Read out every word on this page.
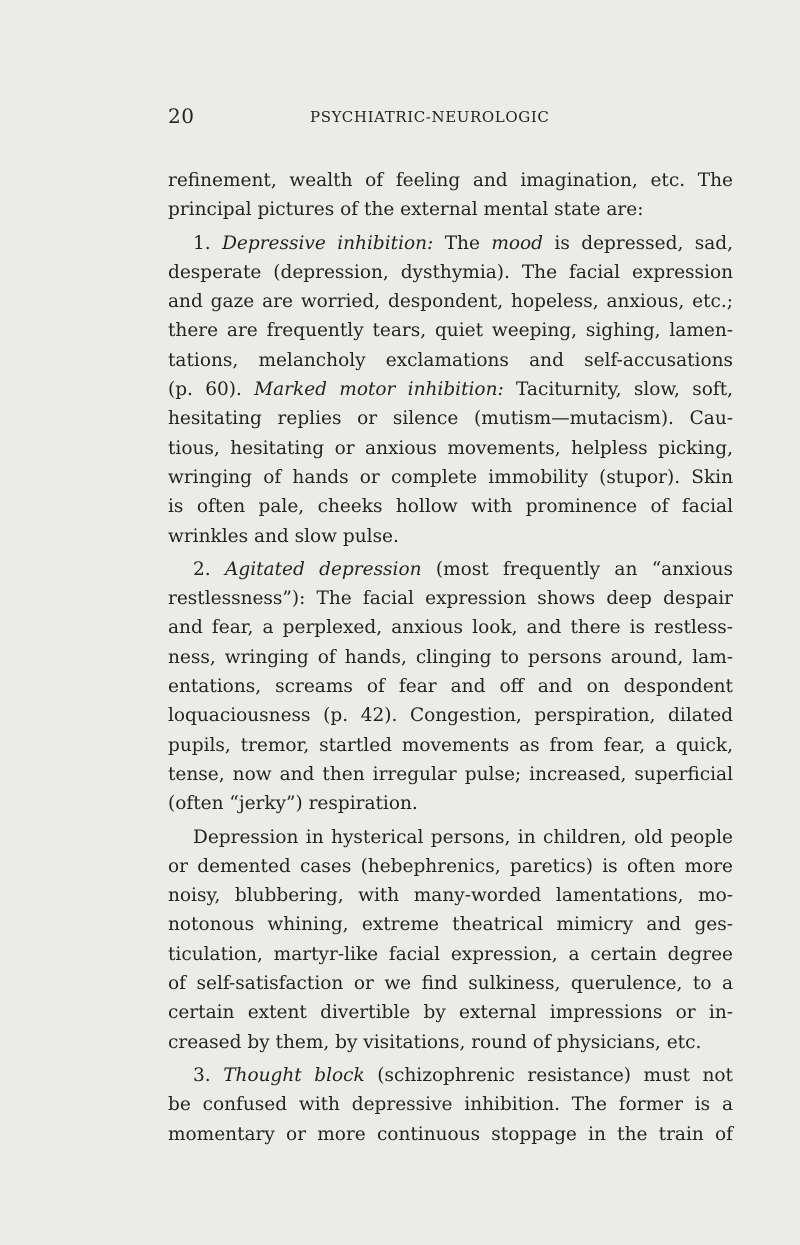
20	PSYCHIATRIC-NEUROLOGIC
refinement, wealth of feeling and imagination, etc. The
principal pictures of the external mental state are:
1. Depressive inhibition: The mood is depressed, sad,
desperate (depression, dysthymia). The facial expression
and gaze are worried, despondent, hopeless, anxious, etc.;
there are frequently tears, quiet weeping, sighing, lamen-
tations, melancholy exclamations and self-accusations
(p. 60). Marked motor inhibition: Taciturnity, slow, soft,
hesitating replies or silence (mutism—mutacism). Cau-
tious, hesitating or anxious movements, helpless picking,
wringing of hands or complete immobility (stupor). Skin
is often pale, cheeks hollow with prominence of facial
wrinkles and slow pulse.
2. Agitated depression (most frequently an “anxious
restlessness”): The facial expression shows deep despair
and fear, a perplexed, anxious look, and there is restless-
ness, wringing of hands, clinging to persons around, lam-
entations, screams of fear and off and on despondent
loquaciousness (p. 42). Congestion, perspiration, dilated
pupils, tremor, startled movements as from fear, a quick,
tense, now and then irregular pulse; increased, superficial
(often “jerky”) respiration.
Depression in hysterical persons, in children, old people
or demented cases (hebephrenics, paretics) is often more
noisy, blubbering, with many-worded lamentations, mo-
notonous whining, extreme theatrical mimicry and ges-
ticulation, martyr-like facial expression, a certain degree
of self-satisfaction or we find sulkiness, querulence, to a
certain extent divertible by external impressions or in-
creased by them, by visitations, round of physicians, etc.
3. Thought block (schizophrenic resistance) must not
be confused with depressive inhibition. The former is a
momentary or more continuous stoppage in the train of
